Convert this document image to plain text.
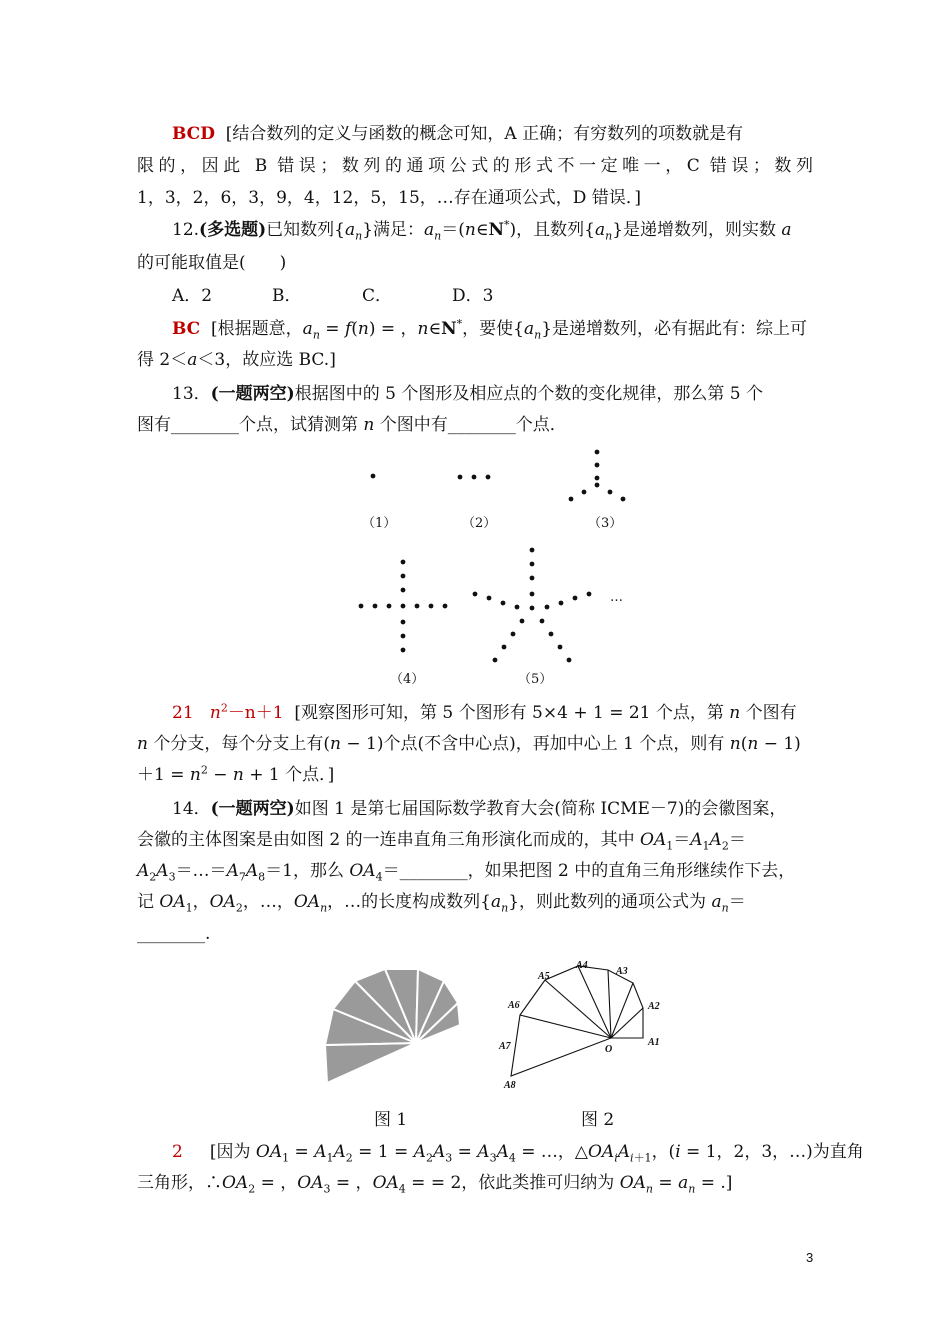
BCD [结合数列的定义与函数的概念可知，A 正确；有穷数列的项数就是有
限的，因此 B 错误；数列的通项公式的形式不一定唯一，C 错误；数列
1，3，2，6，3，9，4，12，5，15，…存在通项公式，D 错误．]
12.(多选题)已知数列$\{a_n\}$满足：$a_n=(n\in N^*)$，且数列$\{a_n\}$是递增数列，则实数 a
的可能取值是(　　)
A．2	B．	C．	D．3
BC [根据题意，$a_n = f(n)$ = ，n∈N*，要使$\{a_n\}$是递增数列，必有据此有：综上可
得 2＜a＜3，故应选 BC.]
13．(一题两空)根据图中的 5 个图形及相应点的个数的变化规律，那么第 5 个
图有________个点，试猜测第 n 个图中有________个点．
（1）	（2）	（3）
（4）	（5）
…
21 $n^2-n+1$ [观察图形可知，第 5 个图形有 5×4 + 1 = 21 个点，第 n 个图有
n 个分支，每个分支上有(n − 1)个点(不含中心点)，再加中心上 1 个点，则有 n(n − 1)
$+1 = n^2 - n + 1$ 个点．]
14．(一题两空)如图 1 是第七届国际数学教育大会(简称 ICME－7)的会徽图案，
会徽的主体图案是由如图 2 的一连串直角三角形演化而成的，其中 $OA_1=A_1A_2=$
$A_2A_3=\dots=A_7A_8=1$，那么 $OA_4=\_\_\_\_\_\_\_\_$，如果把图 2 中的直角三角形继续作下去，
记 $OA_1$，$OA_2$，…，$OA_n$，…的长度构成数列$\{a_n\}$，则此数列的通项公式为 $a_n=$
________.
A1
A2
A3
A4
A5
A6
A7
A8
O
图 1	图 2
2 [因为 $OA_1 = A_1A_2 = 1 = A_2A_3 = A_3A_4$ = …，$\triangle OA_iA_{i+1}$，(i = 1，2，3，…)为直角
三角形，$\therefore OA_2$ = ，$OA_3$ = ，$OA_4$ = = 2，依此类推可归纳为 $OA_n = a_n$ = .]
3
